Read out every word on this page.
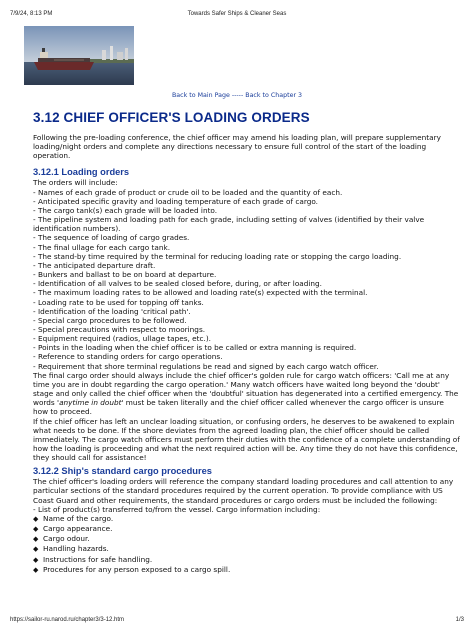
7/9/24, 8:13 PM	Towards Safer Ships & Cleaner Seas
Back to Main Page ----- Back to Chapter 3
3.12 CHIEF OFFICER'S LOADING ORDERS

Following the pre-loading conference, the chief officer may amend his loading plan, will prepare supplementary loading/night orders and complete any directions necessary to ensure full control of the start of the loading operation.

3.12.1 Loading orders

The orders will include:

- Names of each grade of product or crude oil to be loaded and the quantity of each.
- Anticipated specific gravity and loading temperature of each grade of cargo.
- The cargo tank(s) each grade will be loaded into.
- The pipeline system and loading path for each grade, including setting of valves (identified by their valve identification numbers).
- The sequence of loading of cargo grades.
- The final ullage for each cargo tank.
- The stand-by time required by the terminal for reducing loading rate or stopping the cargo loading.
- The anticipated departure draft.
- Bunkers and ballast to be on board at departure.
- Identification of all valves to be sealed closed before, during, or after loading.
- The maximum loading rates to be allowed and loading rate(s) expected with the terminal.
- Loading rate to be used for topping off tanks.
- Identification of the loading 'critical path'.
- Special cargo procedures to be followed.
- Special precautions with respect to moorings.
- Equipment required (radios, ullage tapes, etc.).
- Points in the loading when the chief officer is to be called or extra manning is required.
- Reference to standing orders for cargo operations.
- Requirement that shore terminal regulations be read and signed by each cargo watch officer.

The final cargo order should always include the chief officer's golden rule for cargo watch officers: 'Call me at any time you are in doubt regarding the cargo operation.' Many watch officers have waited long beyond the 'doubt' stage and only called the chief officer when the 'doubtful' situation has degenerated into a certified emergency. The words 'anytime in doubt' must be taken literally and the chief officer called whenever the cargo officer is unsure how to proceed.

If the chief officer has left an unclear loading situation, or confusing orders, he deserves to be awakened to explain what needs to be done. If the shore deviates from the agreed loading plan, the chief officer should be called immediately. The cargo watch officers must perform their duties with the confidence of a complete understanding of how the loading is proceeding and what the next required action will be. Any time they do not have this confidence, they should call for assistance!

3.12.2 Ship's standard cargo procedures

The chief officer's loading orders will reference the company standard loading procedures and call attention to any particular sections of the standard procedures required by the current operation. To provide compliance with US Coast Guard and other requirements, the standard procedures or cargo orders must be included the following:

- List of product(s) transferred to/from the vessel. Cargo information including:

◆ Name of the cargo.
◆ Cargo appearance.
◆ Cargo odour.
◆ Handling hazards.
◆ Instructions for safe handling.
◆ Procedures for any person exposed to a cargo spill.
https://sailor-ru.narod.ru/chapter3/3-12.htm	1/3
